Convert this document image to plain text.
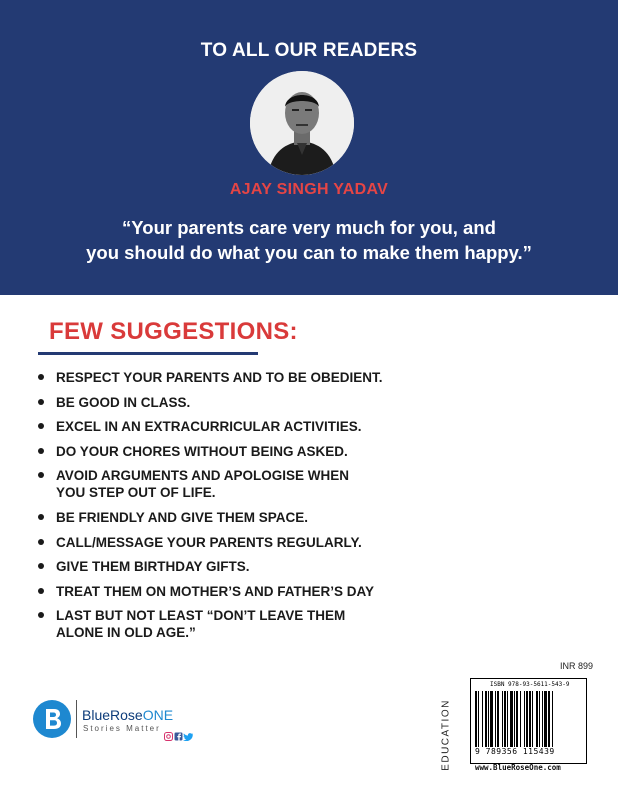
TO ALL OUR READERS
AJAY SINGH YADAV
“Your parents care very much for you, and
you should do what you can to make them happy.”
FEW SUGGESTIONS:
RESPECT YOUR PARENTS AND TO BE OBEDIENT.
BE GOOD IN CLASS.
EXCEL IN AN EXTRACURRICULAR ACTIVITIES.
DO YOUR CHORES WITHOUT BEING ASKED.
AVOID ARGUMENTS AND APOLOGISE WHEN
YOU STEP OUT OF LIFE.
BE FRIENDLY AND GIVE THEM SPACE.
CALL/MESSAGE YOUR PARENTS REGULARLY.
GIVE THEM BIRTHDAY GIFTS.
TREAT THEM ON MOTHER’S AND FATHER’S DAY
LAST BUT NOT LEAST “DON’T LEAVE THEM
ALONE IN OLD AGE.”
BlueRoseONE
Stories Matter
INR 899
EDUCATION
ISBN 978-93-5611-543-9
9 789356 115439
www.BlueRoseOne.com
